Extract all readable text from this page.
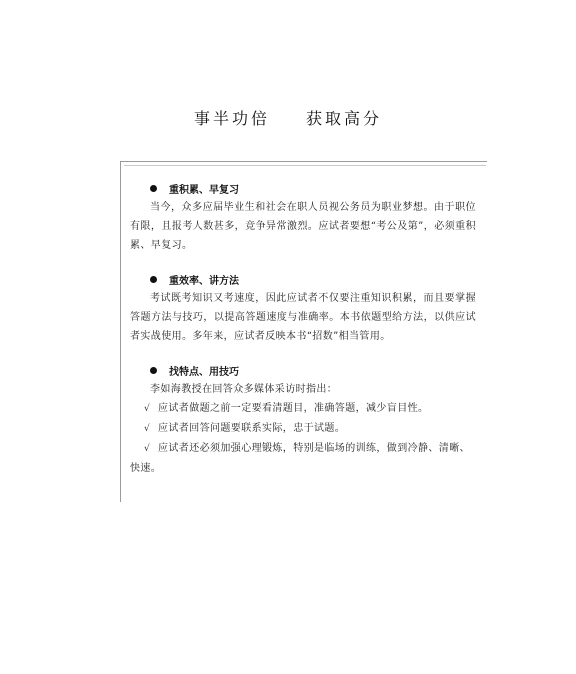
事半功倍 获取高分
重积累、早复习
当今，众多应届毕业生和社会在职人员视公务员为职业梦想。由于职位有限，且报考人数甚多，竞争异常激烈。应试者要想“考公及第”，必须重积累、早复习。
重效率、讲方法
考试既考知识又考速度，因此应试者不仅要注重知识积累，而且要掌握答题方法与技巧，以提高答题速度与准确率。本书依题型给方法，以供应试者实战使用。多年来，应试者反映本书“招数”相当管用。
找特点、用技巧
李如海教授在回答众多媒体采访时指出：
√ 应试者做题之前一定要看清题目，准确答题，减少盲目性。
√ 应试者回答问题要联系实际，忠于试题。
√ 应试者还必须加强心理锻炼，特别是临场的训练，做到冷静、清晰、快速。
